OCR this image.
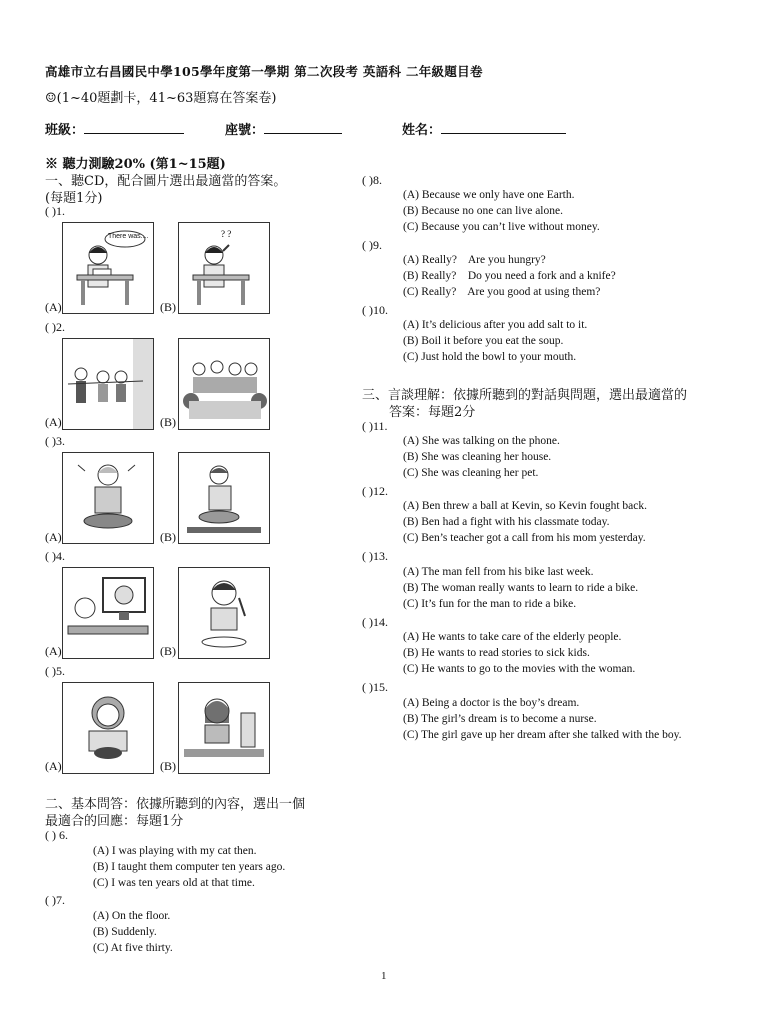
高雄市立右昌國民中學105學年度第一學期 第二次段考 英語科 二年級題目卷
☺(1~40題劃卡，41~63題寫在答案卷)
班級：	座號：	姓名：
※ 聽力測驗20% (第1~15題)
一、聽CD，配合圖片選出最適當的答案。
(每題1分)
( )1.
There was....	? ?
(A)	(B)
( )2.
(A)	(B)
( )3.
(A)	(B)
( )4.
(A)	(B)
( )5.
(A)	(B)
二、基本問答：依據所聽到的內容，選出一個
最適合的回應：每題1分
( ) 6.
(A) I was playing with my cat then.
(B) I taught them computer ten years ago.
(C) I was ten years old at that time.
( )7.
(A) On the floor.
(B) Suddenly.
(C) At five thirty.
( )8.
(A) Because we only have one Earth.
(B) Because no one can live alone.
(C) Because you can’t live without money.
( )9.
(A) Really?    Are you hungry?
(B) Really?    Do you need a fork and a knife?
(C) Really?    Are you good at using them?
( )10.
(A) It’s delicious after you add salt to it.
(B) Boil it before you eat the soup.
(C) Just hold the bowl to your mouth.
三、言談理解：依據所聽到的對話與問題，選出最適當的
答案：每題2分
( )11.
(A) She was talking on the phone.
(B) She was cleaning her house.
(C) She was cleaning her pet.
( )12.
(A) Ben threw a ball at Kevin, so Kevin fought back.
(B) Ben had a fight with his classmate today.
(C) Ben’s teacher got a call from his mom yesterday.
( )13.
(A) The man fell from his bike last week.
(B) The woman really wants to learn to ride a bike.
(C) It’s fun for the man to ride a bike.
( )14.
(A) He wants to take care of the elderly people.
(B) He wants to read stories to sick kids.
(C) He wants to go to the movies with the woman.
( )15.
(A) Being a doctor is the boy’s dream.
(B) The girl’s dream is to become a nurse.
(C) The girl gave up her dream after she talked with the boy.
1
